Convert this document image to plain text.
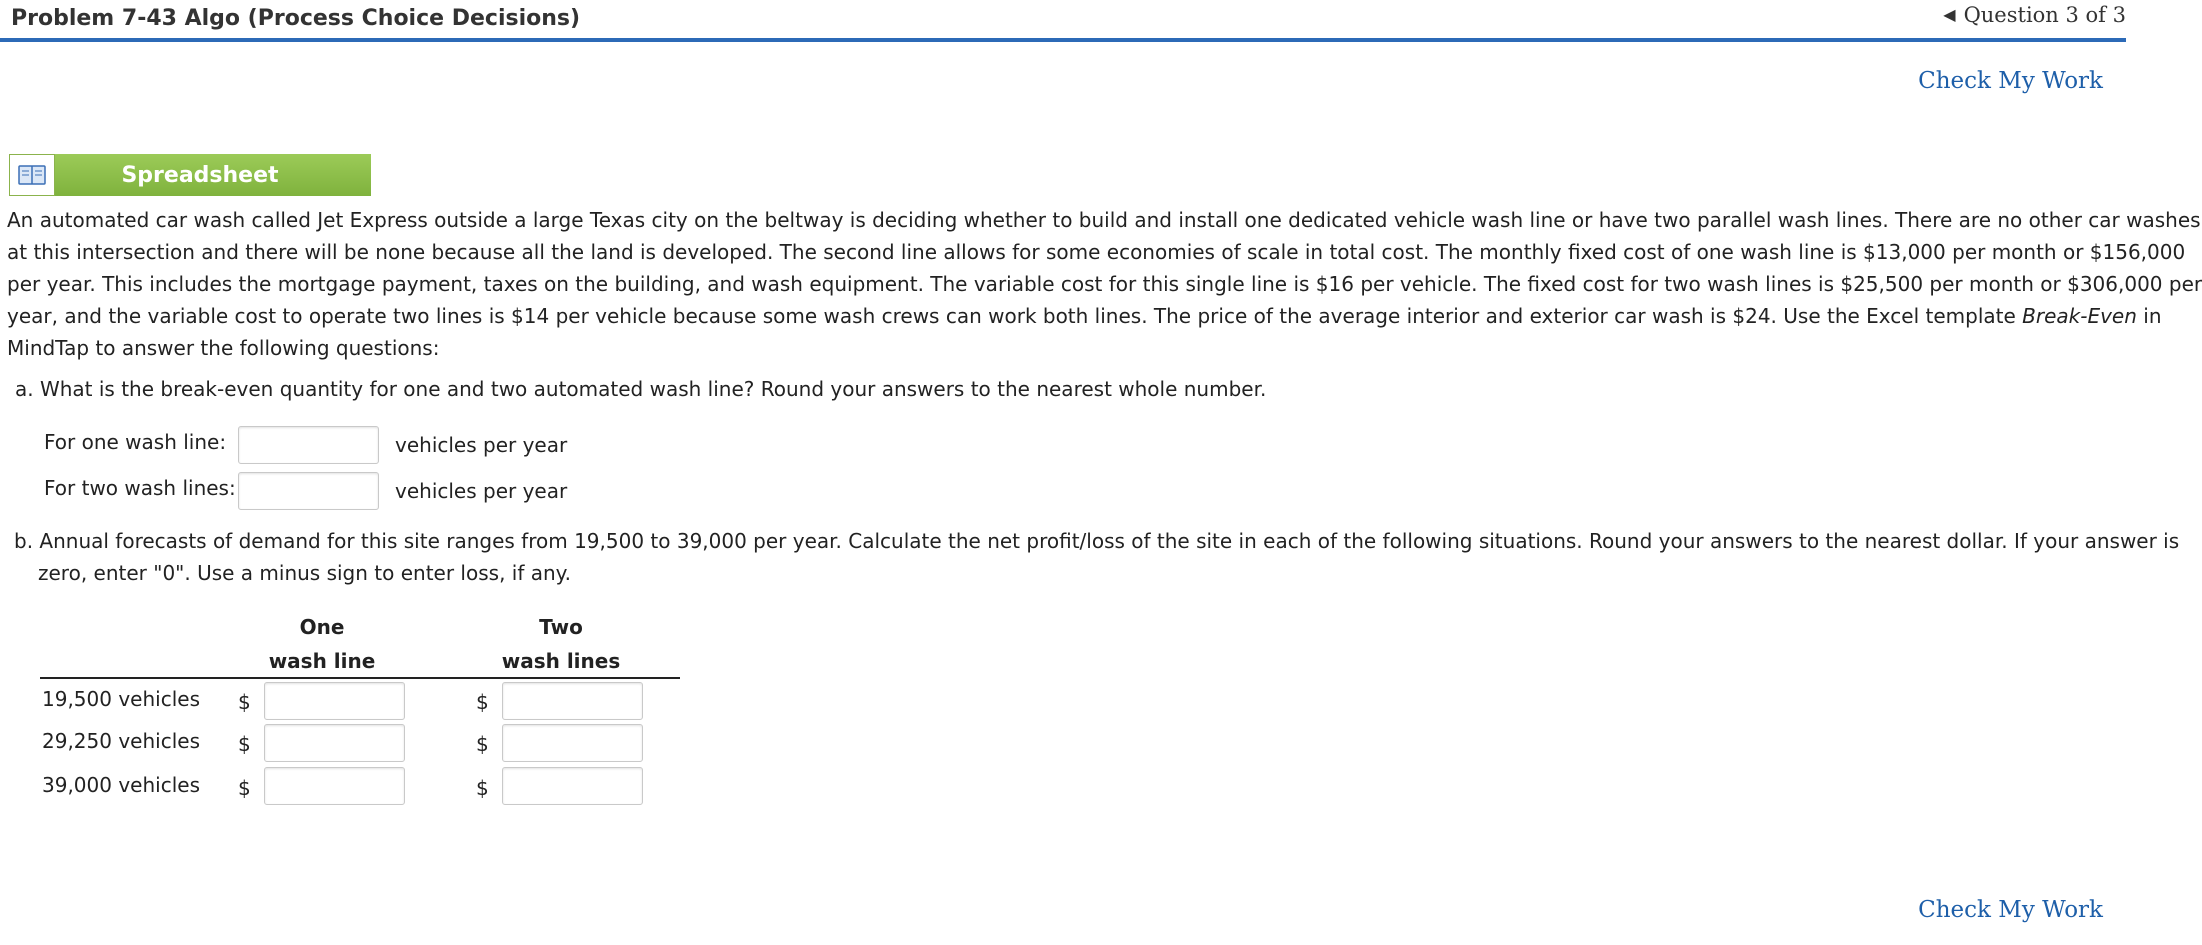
Problem 7-43 Algo (Process Choice Decisions)	◀ Question 3 of 3
Check My Work
Spreadsheet
An automated car wash called Jet Express outside a large Texas city on the beltway is deciding whether to build and install one dedicated vehicle wash line or have two parallel wash lines. There are no other car washes
at this intersection and there will be none because all the land is developed. The second line allows for some economies of scale in total cost. The monthly fixed cost of one wash line is $13,000 per month or $156,000
per year. This includes the mortgage payment, taxes on the building, and wash equipment. The variable cost for this single line is $16 per vehicle. The fixed cost for two wash lines is $25,500 per month or $306,000 per
year, and the variable cost to operate two lines is $14 per vehicle because some wash crews can work both lines. The price of the average interior and exterior car wash is $24. Use the Excel template Break-Even in
MindTap to answer the following questions:
a. What is the break-even quantity for one and two automated wash line? Round your answers to the nearest whole number.
For one wash line:	vehicles per year
For two wash lines:	vehicles per year
b. Annual forecasts of demand for this site ranges from 19,500 to 39,000 per year. Calculate the net profit/loss of the site in each of the following situations. Round your answers to the nearest dollar. If your answer is
zero, enter "0". Use a minus sign to enter loss, if any.
One
wash line
Two
wash lines
19,500 vehicles $	$
29,250 vehicles $	$
39,000 vehicles $	$
Check My Work
